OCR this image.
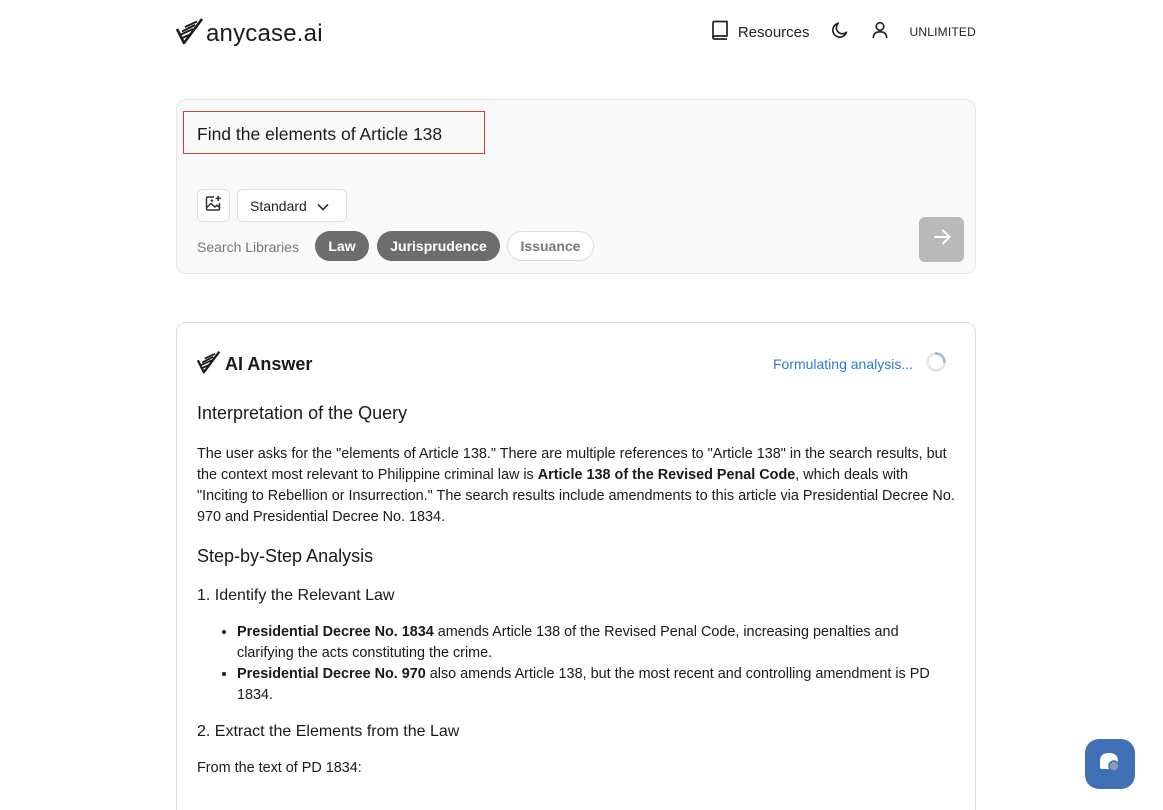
anycase.ai	Resources	UNLIMITED
Find the elements of Article 138
Standard
Search Libraries	Law	Jurisprudence	Issuance
AI Answer	Formulating analysis...
Interpretation of the Query

The user asks for the "elements of Article 138." There are multiple references to "Article 138" in the search results, but the context most relevant to Philippine criminal law is Article 138 of the Revised Penal Code, which deals with "Inciting to Rebellion or Insurrection." The search results include amendments to this article via Presidential Decree No. 970 and Presidential Decree No. 1834.

Step-by-Step Analysis
1. Identify the Relevant Law
• Presidential Decree No. 1834 amends Article 138 of the Revised Penal Code, increasing penalties and clarifying the acts constituting the crime.
• Presidential Decree No. 970 also amends Article 138, but the most recent and controlling amendment is PD 1834.
2. Extract the Elements from the Law

From the text of PD 1834:
